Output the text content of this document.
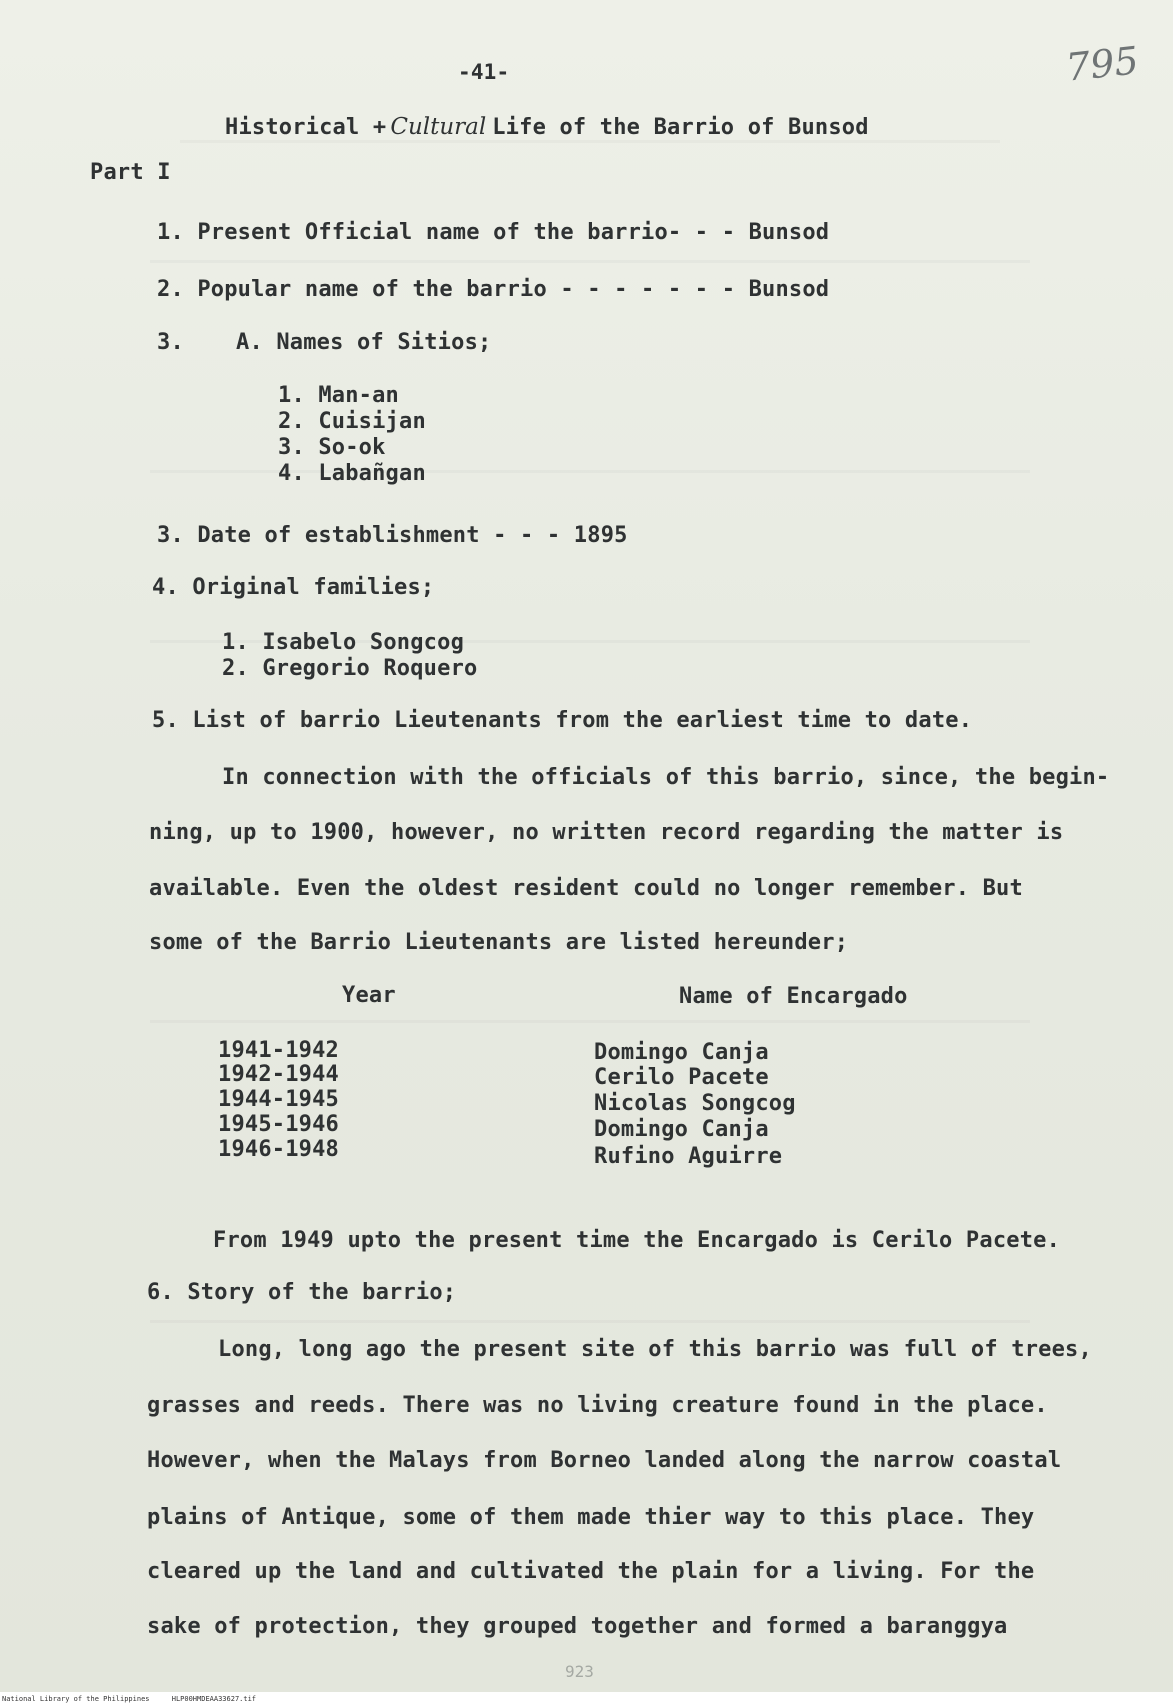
-41-	795
Historical + Cultural Life of the Barrio of Bunsod
Part I
1. Present Official name of the barrio- - - Bunsod
2. Popular name of the barrio - - - - - - - Bunsod
3. A. Names of Sitios;
1. Man-an
2. Cuisijan
3. So-ok
4. Labañgan
3. Date of establishment - - - 1895
4. Original families;
1. Isabelo Songcog
2. Gregorio Roquero
5. List of barrio Lieutenants from the earliest time to date.
In connection with the officials of this barrio, since, the begin-
ning, up to 1900, however, no written record regarding the matter is
available. Even the oldest resident could no longer remember. But
some of the Barrio Lieutenants are listed hereunder;
Year	Name of Encargado
1941-1942	Domingo Canja
1942-1944	Cerilo Pacete
1944-1945	Nicolas Songcog
1945-1946	Domingo Canja
1946-1948	Rufino Aguirre
From 1949 upto the present time the Encargado is Cerilo Pacete.
6. Story of the barrio;
Long, long ago the present site of this barrio was full of trees,
grasses and reeds. There was no living creature found in the place.
However, when the Malays from Borneo landed along the narrow coastal
plains of Antique, some of them made thier way to this place. They
cleared up the land and cultivated the plain for a living. For the
sake of protection, they grouped together and formed a baranggya
923
National Library of the Philippines	HLP00HMDEAA33627.tif
